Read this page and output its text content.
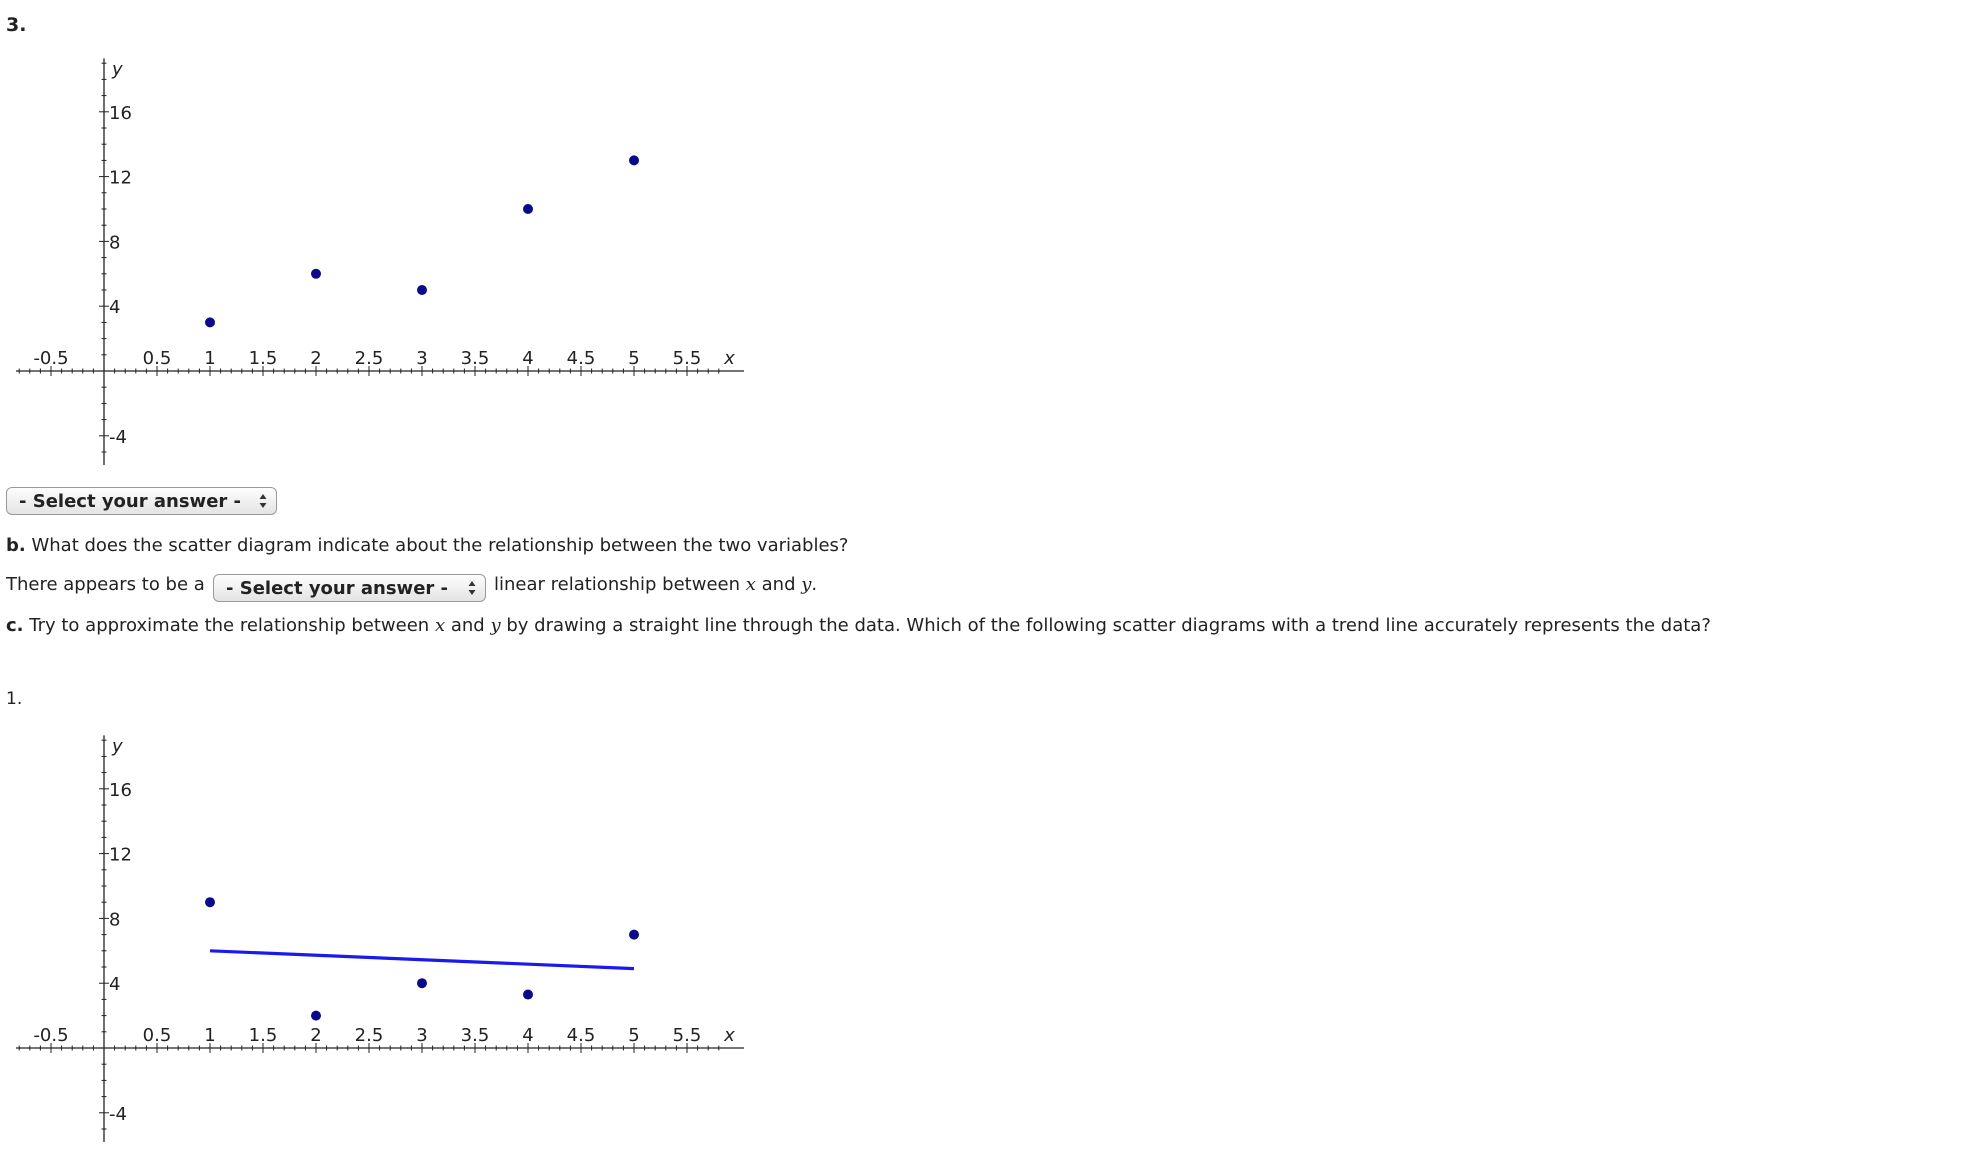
3.
-0.5	0.5 1 1.5 2 2.5 3 3.5 4 4.5 5 5.5
16
12
8
4
-4
x
y
- Select your answer -
b. What does the scatter diagram indicate about the relationship between the two variables?
There appears to be a	- Select your answer -	linear relationship between x and y.
c. Try to approximate the relationship between x and y by drawing a straight line through the data. Which of the following scatter diagrams with a trend line accurately represents the data?
1.
-0.5	0.5 1 1.5 2 2.5 3 3.5 4 4.5 5 5.5
16
12
8
4
-4
x
y
